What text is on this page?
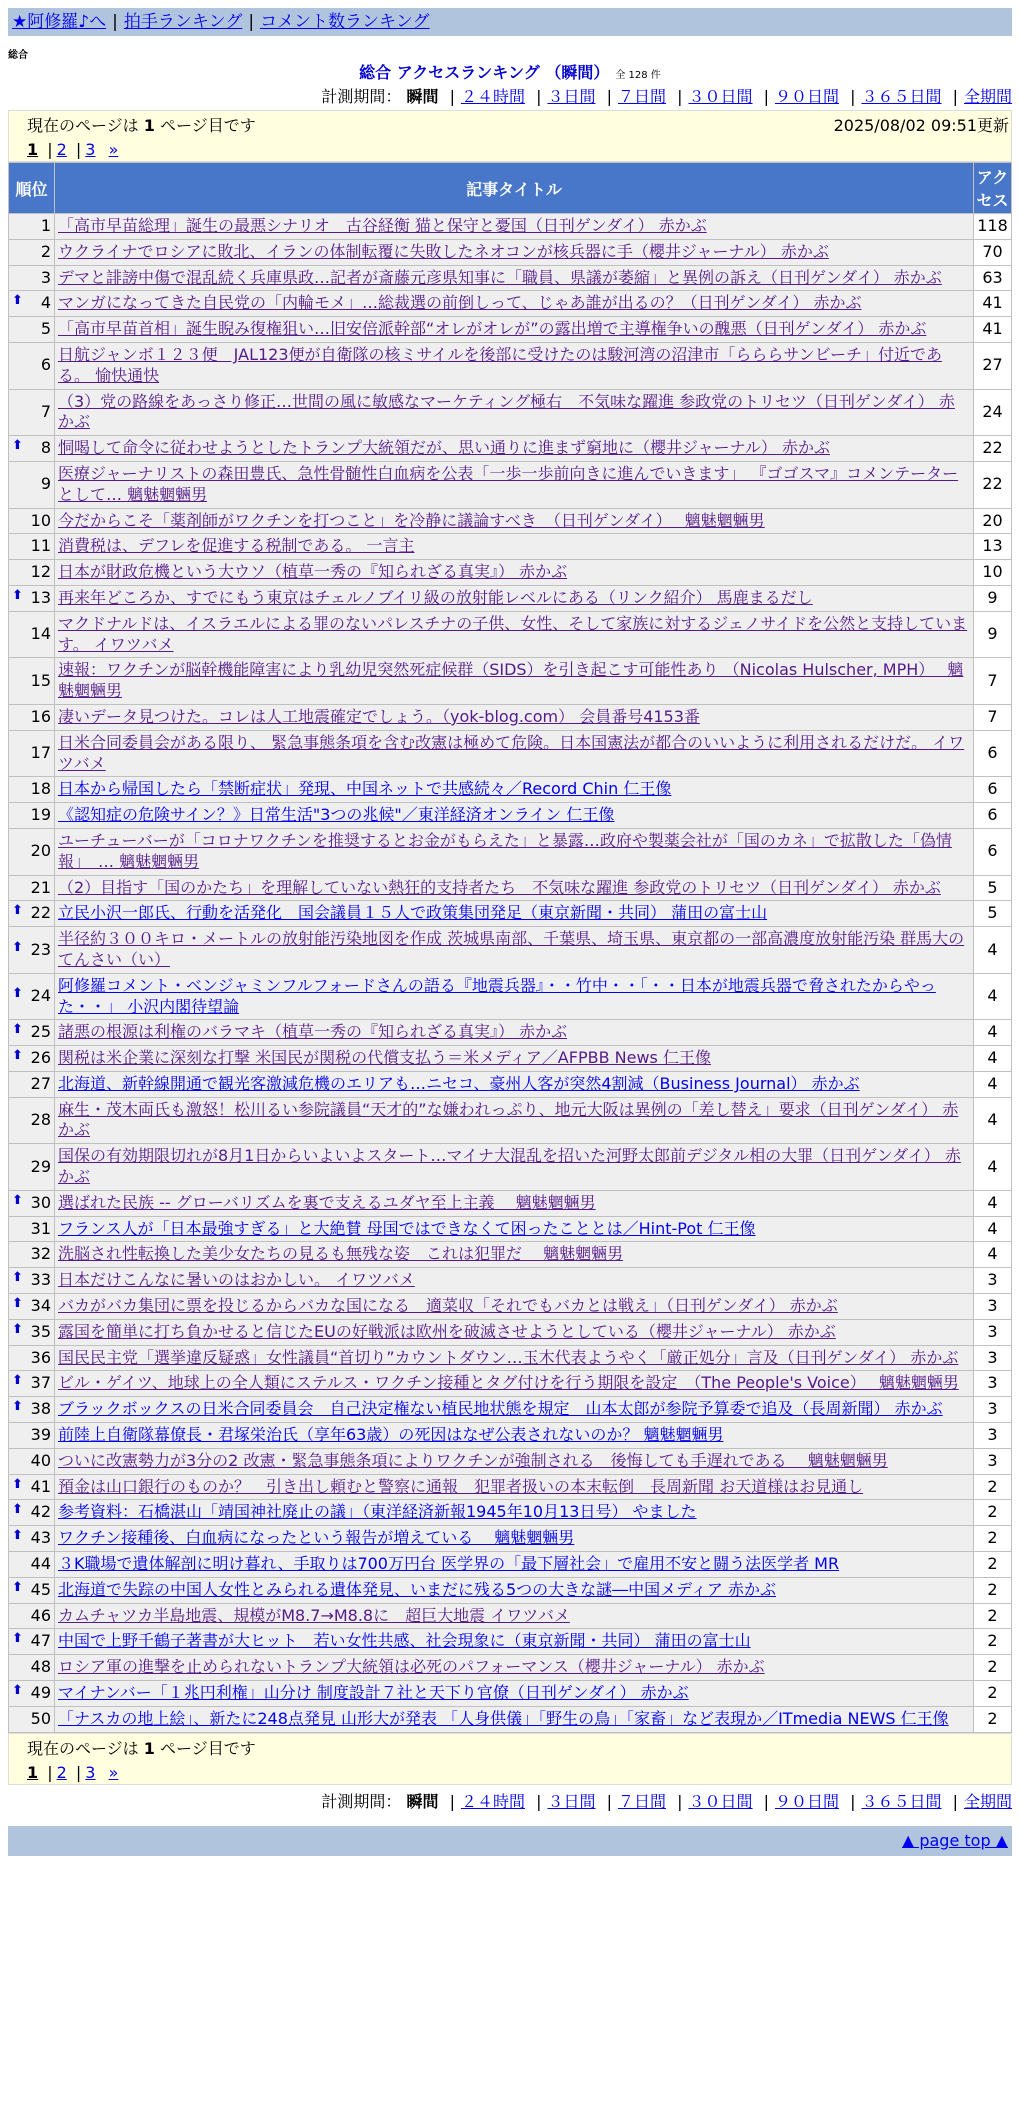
★阿修羅♪へ | 拍手ランキング | コメント数ランキング
総合
総合 アクセスランキング （瞬間） 全 128 件
計測期間： 瞬間 | ２４時間 | ３日間 | ７日間 | ３０日間 | ９０日間 | ３６５日間 | 全期間
現在のページは 1 ページ目です	2025/08/02 09:51更新
1 | 2 | 3 »
順位	記事タイトル	アクセス
1	「高市早苗総理」誕生の最悪シナリオ　古谷経衡 猫と保守と憂国（日刊ゲンダイ） 赤かぶ	118
2	ウクライナでロシアに敗北、イランの体制転覆に失敗したネオコンが核兵器に手（櫻井ジャーナル） 赤かぶ	70
3	デマと誹謗中傷で混乱続く兵庫県政…記者が斎藤元彦県知事に「職員、県議が萎縮」と異例の訴え（日刊ゲンダイ） 赤かぶ	63

⬆ 4	マンガになってきた自民党の「内輪モメ」…総裁選の前倒しって、じゃあ誰が出るの？（日刊ゲンダイ） 赤かぶ	41
5	「高市早苗首相」誕生睨み復権狙い…旧安倍派幹部“オレがオレが”の露出増で主導権争いの醜悪（日刊ゲンダイ） 赤かぶ	41
6	日航ジャンボ１２３便　JAL123便が自衛隊の核ミサイルを後部に受けたのは駿河湾の沼津市「らららサンビーチ」付近である。 愉快通快	27
7	（3）党の路線をあっさり修正…世間の風に敏感なマーケティング極右　不気味な躍進 参政党のトリセツ（日刊ゲンダイ） 赤かぶ	24

⬆ 8	恫喝して命令に従わせようとしたトランプ大統領だが、思い通りに進まず窮地に（櫻井ジャーナル） 赤かぶ	22
9	医療ジャーナリストの森田豊氏、急性骨髄性白血病を公表「一歩一歩前向きに進んでいきます」 『ゴゴスマ』コメンテーターとして… 魑魅魍魎男	22
10	今だからこそ「薬剤師がワクチンを打つこと」を冷静に議論すべき　（日刊ゲンダイ）　 魑魅魍魎男	20
11	消費税は、デフレを促進する税制である。 一言主	13
12	日本が財政危機という大ウソ（植草一秀の『知られざる真実』） 赤かぶ	10

⬆ 13	再来年どころか、すでにもう東京はチェルノブイリ級の放射能レベルにある（リンク紹介） 馬鹿まるだし	9
14	マクドナルドは、イスラエルによる罪のないパレスチナの子供、女性、そして家族に対するジェノサイドを公然と支持しています。 イワツバメ	9
15	速報：ワクチンが脳幹機能障害により乳幼児突然死症候群（SIDS）を引き起こす可能性あり （Nicolas Hulscher, MPH）　 魑魅魍魎男	7
16	凄いデータ見つけた。コレは人工地震確定でしょう。（yok-blog.com） 会員番号4153番	7
17	日米合同委員会がある限り、 緊急事態条項を含む改憲は極めて危険。日本国憲法が都合のいいように利用されるだけだ。 イワツバメ	6
18	日本から帰国したら「禁断症状」発現、中国ネットで共感続々／Record Chin 仁王像	6
19	《認知症の危険サイン？》日常生活"3つの兆候"／東洋経済オンライン 仁王像	6
20	ユーチューバーが「コロナワクチンを推奨するとお金がもらえた」と暴露…政府や製薬会社が「国のカネ」で拡散した「偽情報」　… 魑魅魍魎男	6
21	（2）目指す「国のかたち」を理解していない熱狂的支持者たち　不気味な躍進 参政党のトリセツ（日刊ゲンダイ） 赤かぶ	5

⬆ 22	立民小沢一郎氏、行動を活発化　国会議員１５人で政策集団発足（東京新聞・共同） 蒲田の富士山	5

⬆ 23	半径約３００キロ・メートルの放射能汚染地図を作成 茨城県南部、千葉県、埼玉県、東京都の一部高濃度放射能汚染 群馬大のてんさい（い）	4

⬆ 24	阿修羅コメント・ベンジャミンフルフォードさんの語る『地震兵器』・・竹中・・「・・日本が地震兵器で脅されたからやった・・」 小沢内閣待望論	4

⬆ 25	諸悪の根源は利権のバラマキ（植草一秀の『知られざる真実』） 赤かぶ	4

⬆ 26	関税は米企業に深刻な打撃 米国民が関税の代償支払う＝米メディア／AFPBB News 仁王像	4
27	北海道、新幹線開通で観光客激減危機のエリアも…ニセコ、豪州人客が突然4割減（Business Journal） 赤かぶ	4
28	麻生・茂木両氏も激怒！松川るい参院議員“天才的”な嫌われっぷり、地元大阪は異例の「差し替え」要求（日刊ゲンダイ） 赤かぶ	4
29	国保の有効期限切れが8月1日からいよいよスタート…マイナ大混乱を招いた河野太郎前デジタル相の大罪（日刊ゲンダイ） 赤かぶ	4

⬆ 30	選ばれた民族 -- グローバリズムを裏で支えるユダヤ至上主義　 魑魅魍魎男	4
31	フランス人が「日本最強すぎる」と大絶賛 母国ではできなくて困ったこととは／Hint-Pot 仁王像	4
32	洗脳され性転換した美少女たちの見るも無残な姿　これは犯罪だ　 魑魅魍魎男	4

⬆ 33	日本だけこんなに暑いのはおかしい。 イワツバメ	3

⬆ 34	バカがバカ集団に票を投じるからバカな国になる　適菜収「それでもバカとは戦え」（日刊ゲンダイ） 赤かぶ	3

⬆ 35	露国を簡単に打ち負かせると信じたEUの好戦派は欧州を破滅させようとしている（櫻井ジャーナル） 赤かぶ	3
36	国民民主党「選挙違反疑惑」女性議員“首切り”カウントダウン…玉木代表ようやく「厳正処分」言及（日刊ゲンダイ） 赤かぶ	3

⬆ 37	ビル・ゲイツ、地球上の全人類にステルス・ワクチン接種とタグ付けを行う期限を設定　（The People's Voice）　 魑魅魍魎男	3

⬆ 38	ブラックボックスの日米合同委員会　自己決定権ない植民地状態を規定　山本太郎が参院予算委で追及（長周新聞） 赤かぶ	3
39	前陸上自衛隊幕僚長・君塚栄治氏（享年63歳）の死因はなぜ公表されないのか？ 魑魅魍魎男	3
40	ついに改憲勢力が3分の2 改憲・緊急事態条項によりワクチンが強制される　後悔しても手遅れである　 魑魅魍魎男	3

⬆ 41	預金は山口銀行のものか？　引き出し頼むと警察に通報　犯罪者扱いの本末転倒　長周新聞 お天道様はお見通し	2

⬆ 42	参考資料：石橋湛山「靖国神社廃止の議」（東洋経済新報1945年10月13日号） やました	2

⬆ 43	ワクチン接種後、白血病になったという報告が増えている　 魑魅魍魎男	2
44	３K職場で遺体解剖に明け暮れ、手取りは700万円台 医学界の「最下層社会」で雇用不安と闘う法医学者 MR	2

⬆ 45	北海道で失踪の中国人女性とみられる遺体発見、いまだに残る5つの大きな謎―中国メディア 赤かぶ	2
46	カムチャツカ半島地震、規模がM8.7→M8.8に　超巨大地震 イワツバメ	2

⬆ 47	中国で上野千鶴子著書が大ヒット　若い女性共感、社会現象に（東京新聞・共同） 蒲田の富士山	2
48	ロシア軍の進撃を止められないトランプ大統領は必死のパフォーマンス（櫻井ジャーナル） 赤かぶ	2

⬆ 49	マイナンバー「１兆円利権」山分け 制度設計７社と天下り官僚（日刊ゲンダイ） 赤かぶ	2
50	「ナスカの地上絵」、新たに248点発見 山形大が発表 「人身供儀」「野生の鳥」「家畜」など表現か／ITmedia NEWS 仁王像	2
現在のページは 1 ページ目です
1 | 2 | 3 »
計測期間： 瞬間 | ２４時間 | ３日間 | ７日間 | ３０日間 | ９０日間 | ３６５日間 | 全期間
▲ page top ▲
